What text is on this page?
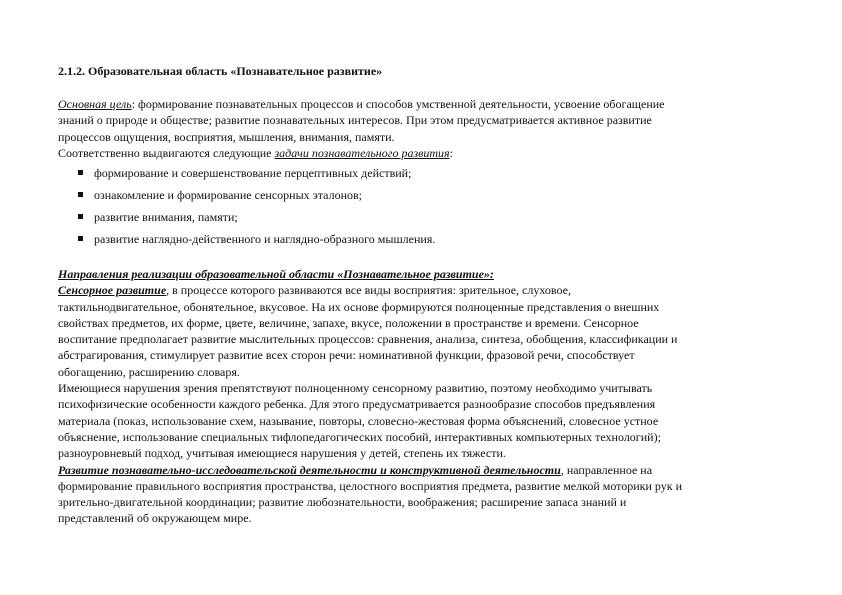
2.1.2. Образовательная область «Познавательное развитие»
Основная цель: формирование познавательных процессов и способов умственной деятельности, усвоение обогащение
знаний о природе и обществе; развитие познавательных интересов. При этом предусматривается активное развитие
процессов ощущения, восприятия, мышления, внимания, памяти.
Соответственно выдвигаются следующие задачи познавательного развития:
формирование и совершенствование перцептивных действий;
ознакомление и формирование сенсорных эталонов;
развитие внимания, памяти;
развитие наглядно-действенного и наглядно-образного мышления.
Направления реализации образовательной области «Познавательное развитие»:
Сенсорное развитие, в процессе которого развиваются все виды восприятия: зрительное, слуховое,
тактильнодвигательное, обонятельное, вкусовое. На их основе формируются полноценные представления о внешних
свойствах предметов, их форме, цвете, величине, запахе, вкусе, положении в пространстве и времени. Сенсорное
воспитание предполагает развитие мыслительных процессов: сравнения, анализа, синтеза, обобщения, классификации и
абстрагирования, стимулирует развитие всех сторон речи: номинативной функции, фразовой речи, способствует
обогащению, расширению словаря.
Имеющиеся нарушения зрения препятствуют полноценному сенсорному развитию, поэтому необходимо учитывать
психофизические особенности каждого ребенка. Для этого предусматривается разнообразие способов предъявления
материала (показ, использование схем, называние, повторы, словесно-жестовая форма объяснений, словесное устное
объяснение, использование специальных тифлопедагогических пособий, интерактивных компьютерных технологий);
разноуровневый подход, учитывая имеющиеся нарушения у детей, степень их тяжести.
Развитие познавательно-исследовательской деятельности и конструктивной деятельности, направленное на
формирование правильного восприятия пространства, целостного восприятия предмета, развитие мелкой моторики рук и
зрительно-двигательной координации; развитие любознательности, воображения; расширение запаса знаний и
представлений об окружающем мире.
